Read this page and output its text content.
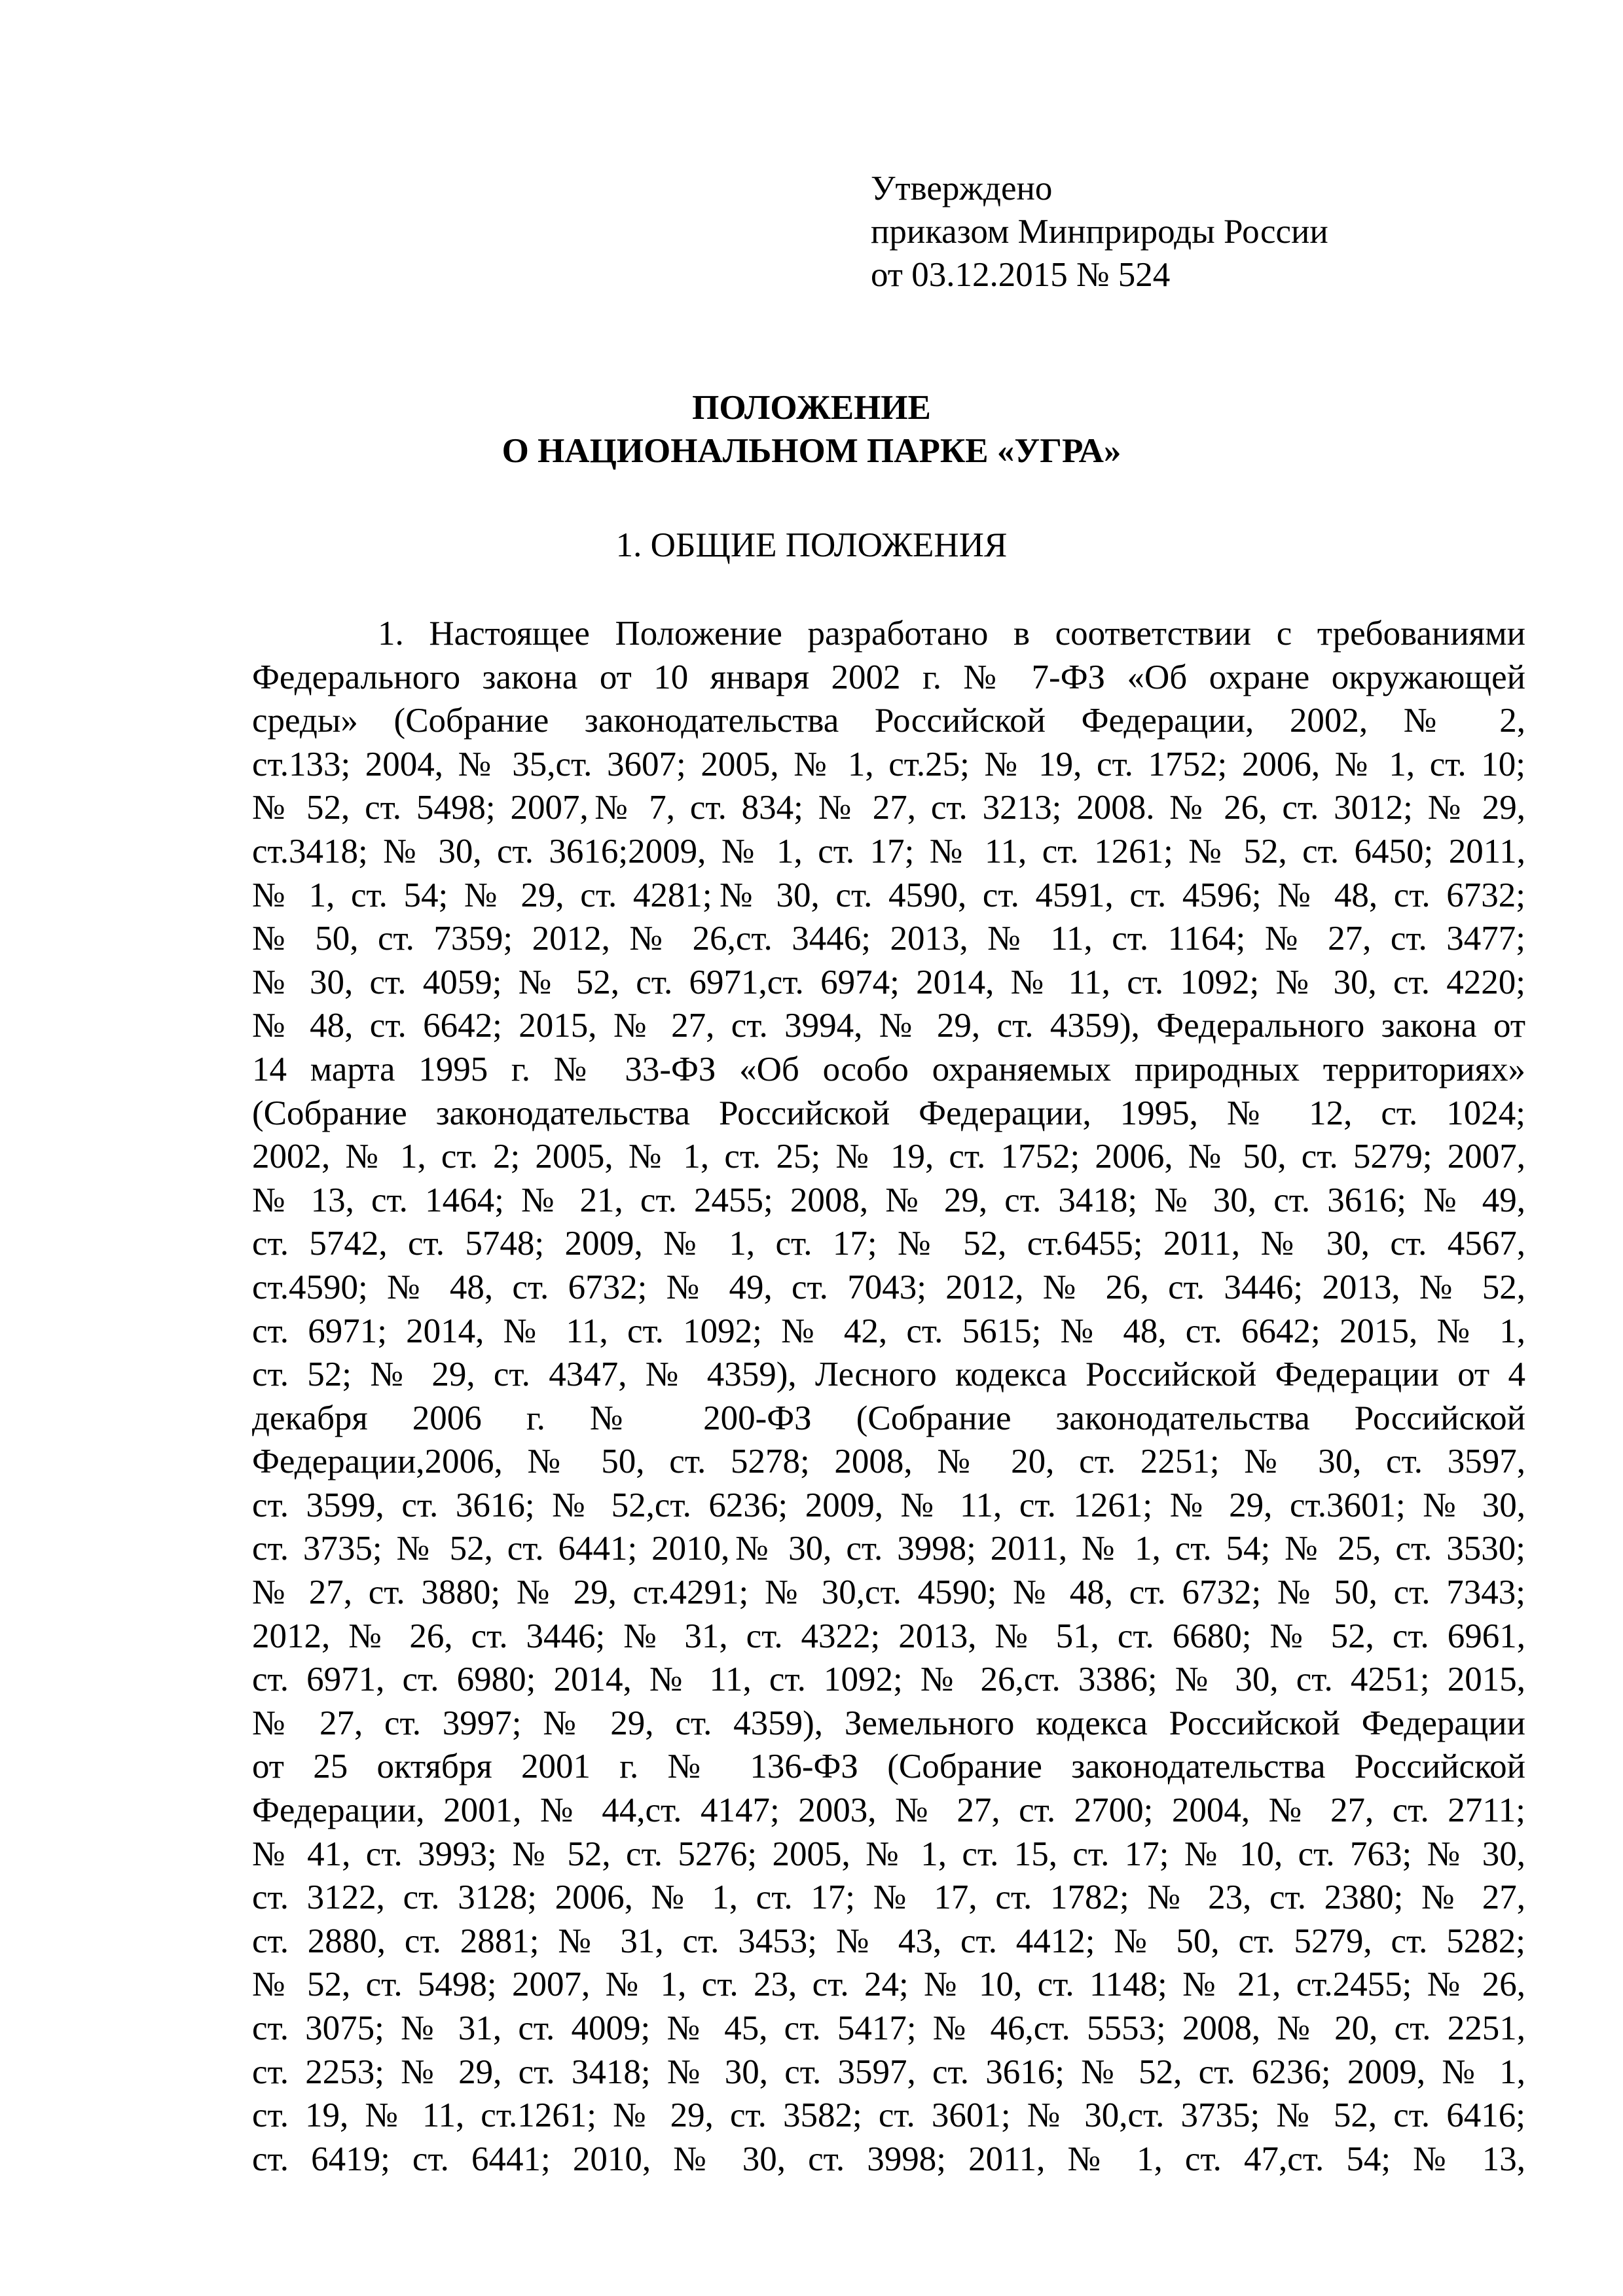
Утверждено
приказом Минприроды России
от 03.12.2015 № 524
ПОЛОЖЕНИЕ
О НАЦИОНАЛЬНОМ ПАРКЕ «УГРА»
1. ОБЩИЕ ПОЛОЖЕНИЯ
1. Настоящее Положение разработано в соответствии с требованиями
Федерального закона от 10 января 2002 г. № 7-ФЗ «Об охране окружающей
среды» (Собрание законодательства Российской Федерации, 2002, № 2,
ст.133; 2004, № 35,ст. 3607; 2005, № 1, ст.25; № 19, ст. 1752; 2006, № 1, ст. 10;
№ 52, ст. 5498; 2007,№ 7, ст. 834; № 27, ст. 3213; 2008. № 26, ст. 3012; № 29,
ст.3418; № 30, ст. 3616;2009, № 1, ст. 17; № 11, ст. 1261; № 52, ст. 6450; 2011,
№ 1, ст. 54; № 29, ст. 4281;№ 30, ст. 4590, ст. 4591, ст. 4596; № 48, ст. 6732;
№ 50, ст. 7359; 2012, № 26,ст. 3446; 2013, № 11, ст. 1164; № 27, ст. 3477;
№ 30, ст. 4059; № 52, ст. 6971,ст. 6974; 2014, № 11, ст. 1092; № 30, ст. 4220;
№ 48, ст. 6642; 2015, № 27, ст. 3994, № 29, ст. 4359), Федерального закона от
14 марта 1995 г. № 33-ФЗ «Об особо охраняемых природных территориях»
(Собрание законодательства Российской Федерации, 1995, № 12, ст. 1024;
2002, № 1, ст. 2; 2005, № 1, ст. 25; № 19, ст. 1752; 2006, № 50, ст. 5279; 2007,
№ 13, ст. 1464; № 21, ст. 2455; 2008, № 29, ст. 3418; № 30, ст. 3616; № 49,
ст. 5742, ст. 5748; 2009, № 1, ст. 17; № 52, ст.6455; 2011, № 30, ст. 4567,
ст.4590; № 48, ст. 6732; № 49, ст. 7043; 2012, № 26, ст. 3446; 2013, № 52,
ст. 6971; 2014, № 11, ст. 1092; № 42, ст. 5615; № 48, ст. 6642; 2015, № 1,
ст. 52; № 29, ст. 4347, № 4359), Лесного кодекса Российской Федерации от 4
декабря 2006 г. № 200-ФЗ (Собрание законодательства Российской
Федерации,2006, № 50, ст. 5278; 2008, № 20, ст. 2251; № 30, ст. 3597,
ст. 3599, ст. 3616; № 52,ст. 6236; 2009, № 11, ст. 1261; № 29, ст.3601; № 30,
ст. 3735; № 52, ст. 6441; 2010,№ 30, ст. 3998; 2011, № 1, ст. 54; № 25, ст. 3530;
№ 27, ст. 3880; № 29, ст.4291; № 30,ст. 4590; № 48, ст. 6732; № 50, ст. 7343;
2012, № 26, ст. 3446; № 31, ст. 4322; 2013, № 51, ст. 6680; № 52, ст. 6961,
ст. 6971, ст. 6980; 2014, № 11, ст. 1092; № 26,ст. 3386; № 30, ст. 4251; 2015,
№ 27, ст. 3997; № 29, ст. 4359), Земельного кодекса Российской Федерации
от 25 октября 2001 г. № 136-ФЗ (Собрание законодательства Российской
Федерации, 2001, № 44,ст. 4147; 2003, № 27, ст. 2700; 2004, № 27, ст. 2711;
№ 41, ст. 3993; № 52, ст. 5276; 2005, № 1, ст. 15, ст. 17; № 10, ст. 763; № 30,
ст. 3122, ст. 3128; 2006, № 1, ст. 17; № 17, ст. 1782; № 23, ст. 2380; № 27,
ст. 2880, ст. 2881; № 31, ст. 3453; № 43, ст. 4412; № 50, ст. 5279, ст. 5282;
№ 52, ст. 5498; 2007, № 1, ст. 23, ст. 24; № 10, ст. 1148; № 21, ст.2455; № 26,
ст. 3075; № 31, ст. 4009; № 45, ст. 5417; № 46,ст. 5553; 2008, № 20, ст. 2251,
ст. 2253; № 29, ст. 3418; № 30, ст. 3597, ст. 3616; № 52, ст. 6236; 2009, № 1,
ст. 19, № 11, ст.1261; № 29, ст. 3582; ст. 3601; № 30,ст. 3735; № 52, ст. 6416;
ст. 6419; ст. 6441; 2010, № 30, ст. 3998; 2011, № 1, ст. 47,ст. 54; № 13,
